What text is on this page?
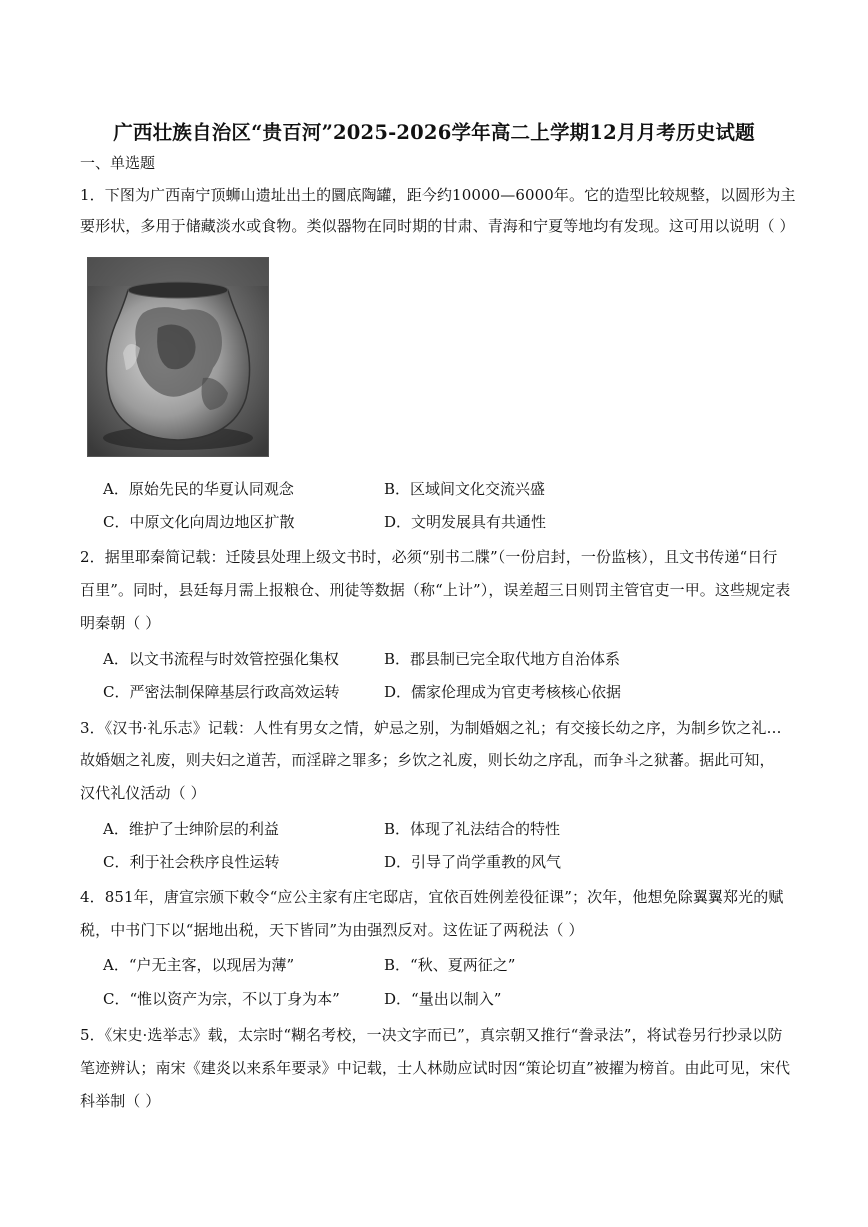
广西壮族自治区“贵百河”2025-2026学年高二上学期12月月考历史试题
一、单选题
1．下图为广西南宁顶蛳山遗址出土的圜底陶罐，距今约10000—6000年。它的造型比较规整，以圆形为主
要形状，多用于储藏淡水或食物。类似器物在同时期的甘肃、青海和宁夏等地均有发现。这可用以说明（ ）
A．原始先民的华夏认同观念	B．区域间文化交流兴盛
C．中原文化向周边地区扩散	D．文明发展具有共通性
2．据里耶秦简记载：迁陵县处理上级文书时，必须“别书二牒”（一份启封，一份监核），且文书传递“日行
百里”。同时，县廷每月需上报粮仓、刑徒等数据（称“上计”），误差超三日则罚主管官吏一甲。这些规定表
明秦朝（ ）
A．以文书流程与时效管控强化集权	B．郡县制已完全取代地方自治体系
C．严密法制保障基层行政高效运转	D．儒家伦理成为官吏考核核心依据
3．《汉书·礼乐志》记载：人性有男女之情，妒忌之别，为制婚姻之礼；有交接长幼之序，为制乡饮之礼…
故婚姻之礼废，则夫妇之道苦，而淫辟之罪多；乡饮之礼废，则长幼之序乱，而争斗之狱蕃。据此可知，
汉代礼仪活动（ ）
A．维护了士绅阶层的利益	B．体现了礼法结合的特性
C．利于社会秩序良性运转	D．引导了尚学重教的风气
4．851年，唐宣宗颁下敕令“应公主家有庄宅邸店，宜依百姓例差役征课”；次年，他想免除翼翼郑光的赋
税，中书门下以“据地出税，天下皆同”为由强烈反对。这佐证了两税法（ ）
A．“户无主客，以现居为薄”	B．“秋、夏两征之”
C．“惟以资产为宗，不以丁身为本”	D．“量出以制入”
5．《宋史·选举志》载，太宗时“糊名考校，一决文字而已”，真宗朝又推行“誊录法”，将试卷另行抄录以防
笔迹辨认；南宋《建炎以来系年要录》中记载，士人林勋应试时因“策论切直”被擢为榜首。由此可见，宋代
科举制（ ）
